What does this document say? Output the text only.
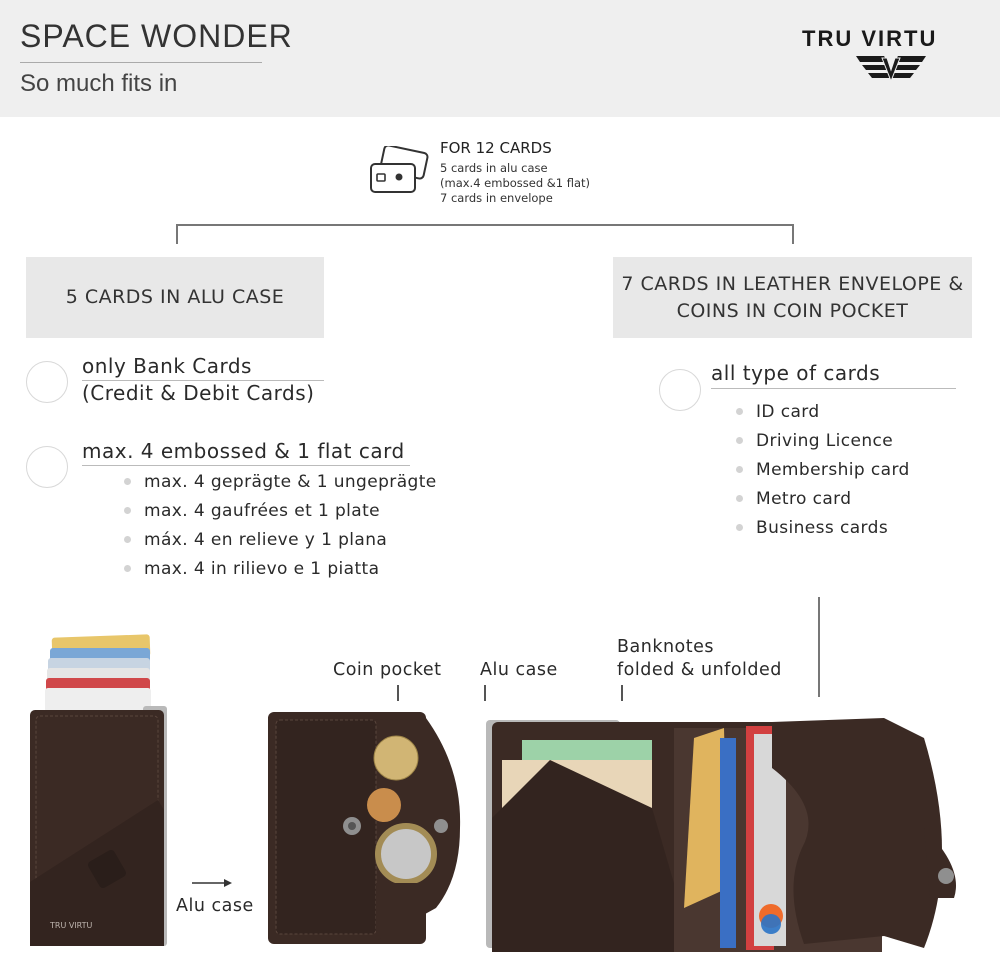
SPACE WONDER
So much fits in
TRU VIRTU
FOR 12 CARDS
5 cards in alu case
(max.4 embossed &1 flat)
7 cards in envelope
5 CARDS IN ALU CASE
only Bank Cards
(Credit & Debit Cards)
max. 4 embossed & 1 flat card
max. 4 geprägte & 1 ungeprägte
max. 4 gaufrées et 1 plate
máx. 4 en relieve y 1 plana
max. 4 in rilievo e 1 piatta
7 CARDS IN LEATHER ENVELOPE &
COINS IN COIN POCKET
all type of cards
ID card
Driving Licence
Membership card
Metro card
Business cards
Coin pocket Alu case
Banknotes
folded & unfolded
TRU VIRTU
Alu case
